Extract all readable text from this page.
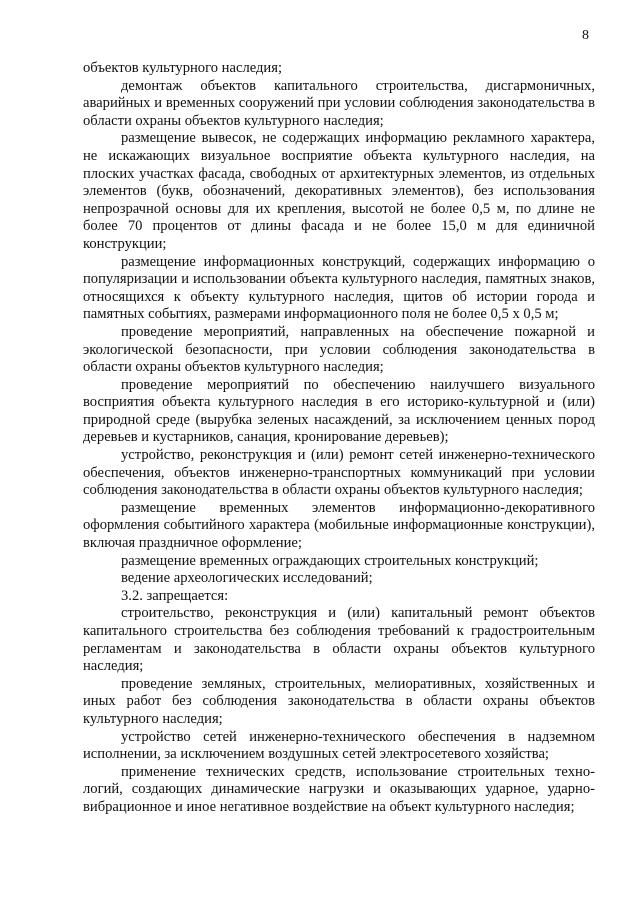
8

объектов культурного наследия;

демонтаж объектов капитального строительства, дисгармоничных, аварийных и временных сооружений при условии соблюдения законодательства в области охраны объектов культурного наследия;

размещение вывесок, не содержащих информацию рекламного характера, не искажающих визуальное восприятие объекта культурного наследия, на плоских участках фасада, свободных от архитектурных элементов, из отдельных элементов (букв, обозначений, декоративных элементов), без использования непрозрачной основы для их крепления, высотой не более 0,5 м, по длине не более 70 процентов от длины фасада и не более 15,0 м для единичной конструкции;

размещение информационных конструкций, содержащих информацию о популяризации и использовании объекта культурного наследия, памятных знаков, относящихся к объекту культурного наследия, щитов об истории города и памятных событиях, размерами информационного поля не более 0,5 х 0,5 м;

проведение мероприятий, направленных на обеспечение пожарной и экологической безопасности, при условии соблюдения законодательства в области охраны объектов культурного наследия;

проведение мероприятий по обеспечению наилучшего визуального восприятия объекта культурного наследия в его историко-культурной и (или) природной среде (вырубка зеленых насаждений, за исключением ценных пород деревьев и кустарников, санация, кронирование деревьев);

устройство, реконструкция и (или) ремонт сетей инженерно-технического обеспечения, объектов инженерно-транспортных коммуникаций при условии соблюдения законодательства в области охраны объектов культурного наследия;

размещение временных элементов информационно-декоративного оформления событийного характера (мобильные информационные конструкции), включая праздничное оформление;

размещение временных ограждающих строительных конструкций;

ведение археологических исследований;

3.2. запрещается:

строительство, реконструкция и (или) капитальный ремонт объектов капитального строительства без соблюдения требований к градостроительным регламентам и законодательства в области охраны объектов культурного наследия;

проведение земляных, строительных, мелиоративных, хозяйственных и иных работ без соблюдения законодательства в области охраны объектов культурного наследия;

устройство сетей инженерно-технического обеспечения в надземном исполнении, за исключением воздушных сетей электросетевого хозяйства;

применение технических средств, использование строительных технологий, создающих динамические нагрузки и оказывающих ударное, ударно-вибрационное и иное негативное воздействие на объект культурного наследия;
